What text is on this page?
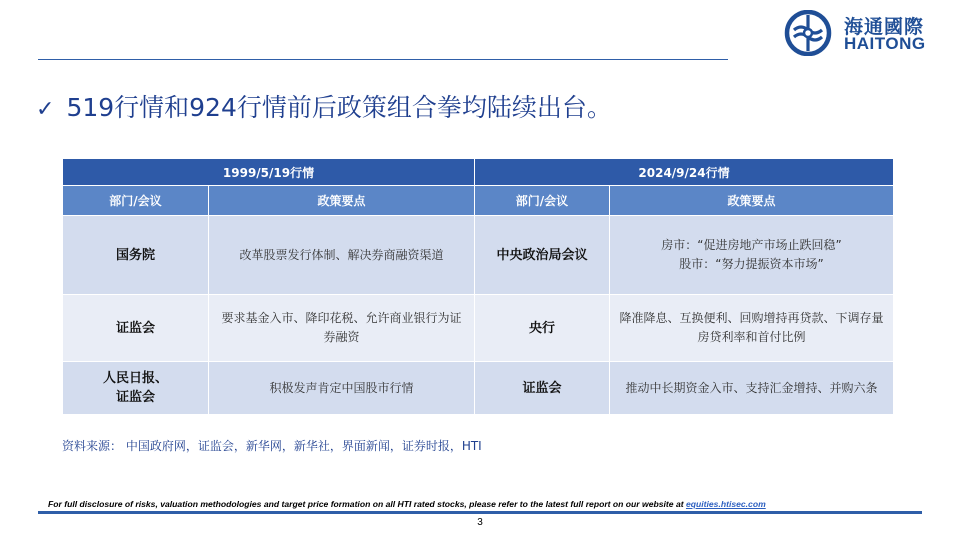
海通國際
HAITONG
✓ 519行情和924行情前后政策组合拳均陆续出台。
1999/5/19行情		2024/9/24行情	
部门/会议	政策要点	部门/会议	政策要点
国务院	改革股票发行体制、解决券商融资渠道	中央政治局会议	房市：“促进房地产市场止跌回稳”
股市：“努力提振资本市场”

证监会	要求基金入市、降印花税、允许商业银行为证券融资	央行	降准降息、互换便利、回购增持再贷款、下调存量房贷利率和首付比例

人民日报、
证监会	积极发声肯定中国股市行情	证监会	推动中长期资金入市、支持汇金增持、并购六条
资料来源： 中国政府网，证监会，新华网，新华社，界面新闻，证券时报，HTI
For full disclosure of risks, valuation methodologies and target price formation on all HTI rated stocks, please refer to the latest full report on our website at equities.htisec.com
3
